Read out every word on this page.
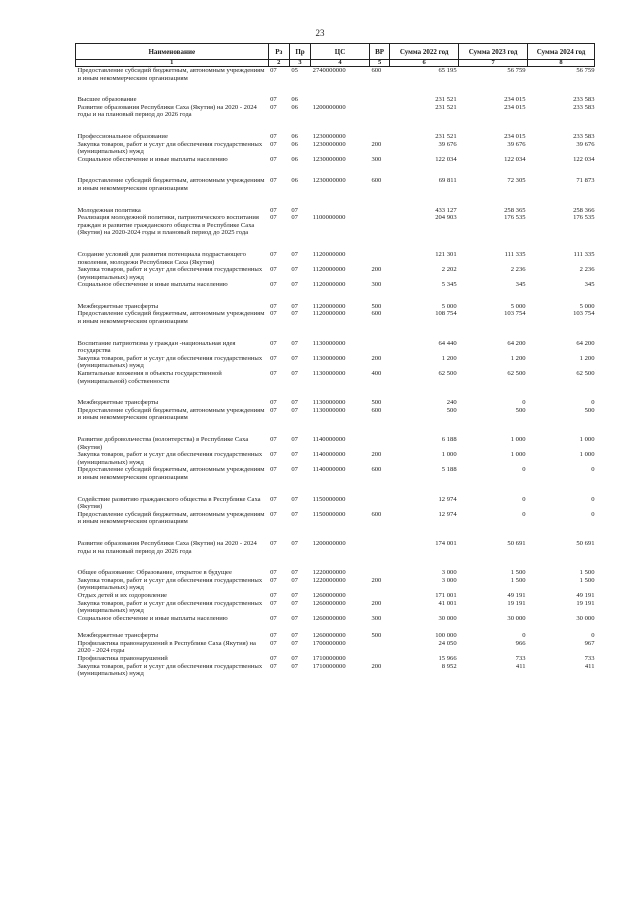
23
Наименование	Рз	Пр	ЦС	ВР	Сумма 2022 год	Сумма 2023 год	Сумма 2024 год
1	2	3	4	5	6	7	8
Предоставление субсидий бюджетным, автономным учреждениям и иным некоммерческим организациям	07	05	2740000000	600	65 195	56 759	56 759
Высшее образование	07	06			231 521	234 015	233 583
Развитие образования Республики Саха (Якутия) на 2020 - 2024 годы и на плановый период до 2026 года	07	06	1200000000		231 521	234 015	233 583
Профессиональное образование	07	06	1230000000		231 521	234 015	233 583
Закупка товаров, работ и услуг для обеспечения государственных (муниципальных) нужд	07	06	1230000000	200	39 676	39 676	39 676
Социальное обеспечение и иные выплаты населению	07	06	1230000000	300	122 034	122 034	122 034
Предоставление субсидий бюджетным, автономным учреждениям и иным некоммерческим организациям	07	06	1230000000	600	69 811	72 305	71 873
Молодежная политика	07	07			433 127	258 365	258 366
Реализация молодежной политики, патриотического воспитания граждан и развитие гражданского общества в Республике Саха (Якутия) на 2020-2024 годы и плановый период до 2025 года	07	07	1100000000		204 903	176 535	176 535
Создание условий для развития потенциала подрастающего поколения, молодежи Республики Саха (Якутия)	07	07	1120000000		121 301	111 335	111 335
Закупка товаров, работ и услуг для обеспечения государственных (муниципальных) нужд	07	07	1120000000	200	2 202	2 236	2 236
Социальное обеспечение и иные выплаты населению	07	07	1120000000	300	5 345	345	345
Межбюджетные трансферты	07	07	1120000000	500	5 000	5 000	5 000
Предоставление субсидий бюджетным, автономным учреждениям и иным некоммерческим организациям	07	07	1120000000	600	108 754	103 754	103 754
Воспитание патриотизма у граждан -национальная идея государства	07	07	1130000000		64 440	64 200	64 200
Закупка товаров, работ и услуг для обеспечения государственных (муниципальных) нужд	07	07	1130000000	200	1 200	1 200	1 200
Капитальные вложения в объекты государственной (муниципальной) собственности	07	07	1130000000	400	62 500	62 500	62 500
Межбюджетные трансферты	07	07	1130000000	500	240	0	0
Предоставление субсидий бюджетным, автономным учреждениям и иным некоммерческим организациям	07	07	1130000000	600	500	500	500
Развитие добровольчества (волонтерства) в Республике Саха (Якутия)	07	07	1140000000		6 188	1 000	1 000
Закупка товаров, работ и услуг для обеспечения государственных (муниципальных) нужд	07	07	1140000000	200	1 000	1 000	1 000
Предоставление субсидий бюджетным, автономным учреждениям и иным некоммерческим организациям	07	07	1140000000	600	5 188	0	0
Содействие развитию гражданского общества в Республике Саха (Якутия)	07	07	1150000000		12 974	0	0
Предоставление субсидий бюджетным, автономным учреждениям и иным некоммерческим организациям	07	07	1150000000	600	12 974	0	0
Развитие образования Республики Саха (Якутия) на 2020 - 2024 годы и на плановый период до 2026 года	07	07	1200000000		174 001	50 691	50 691
Общее образование: Образование, открытое в будущее	07	07	1220000000		3 000	1 500	1 500
Закупка товаров, работ и услуг для обеспечения государственных (муниципальных) нужд	07	07	1220000000	200	3 000	1 500	1 500
Отдых детей и их оздоровление	07	07	1260000000		171 001	49 191	49 191
Закупка товаров, работ и услуг для обеспечения государственных (муниципальных) нужд	07	07	1260000000	200	41 001	19 191	19 191
Социальное обеспечение и иные выплаты населению	07	07	1260000000	300	30 000	30 000	30 000
Межбюджетные трансферты	07	07	1260000000	500	100 000	0	0
Профилактика правонарушений в Республике Саха (Якутия) на 2020 - 2024 годы	07	07	1700000000		24 050	966	967
Профилактика правонарушений	07	07	1710000000		15 966	733	733
Закупка товаров, работ и услуг для обеспечения государственных (муниципальных) нужд	07	07	1710000000	200	8 952	411	411
